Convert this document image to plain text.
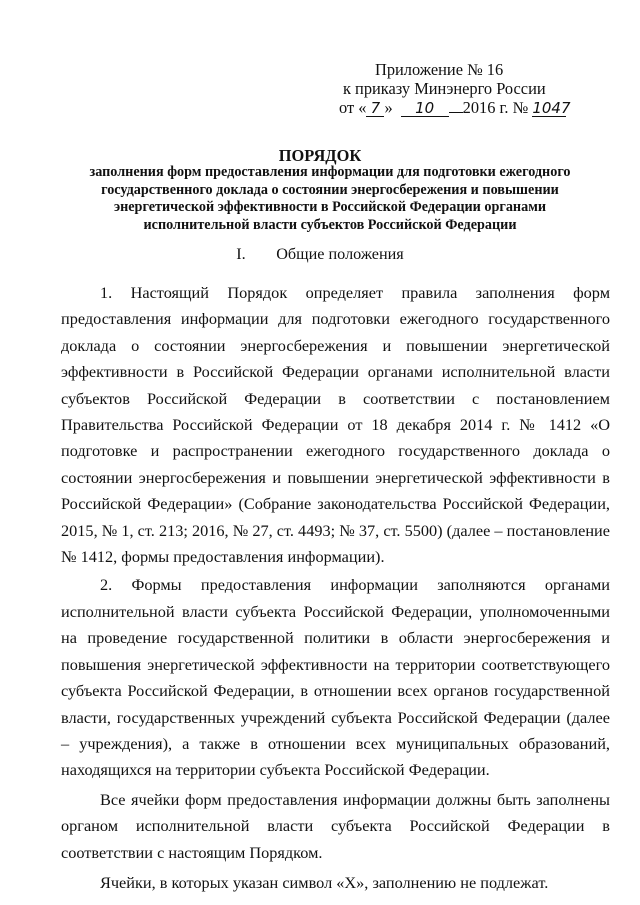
Приложение № 16
к приказу Минэнерго России
от « 7 » 10 2016 г. № 1047
ПОРЯДОК
заполнения форм предоставления информации для подготовки ежегодного государственного доклада о состоянии энергосбережения и повышении энергетической эффективности в Российской Федерации органами исполнительной власти субъектов Российской Федерации
I. Общие положения

1. Настоящий Порядок определяет правила заполнения форм предоставления информации для подготовки ежегодного государственного доклада о состоянии энергосбережения и повышении энергетической эффективности в Российской Федерации органами исполнительной власти субъектов Российской Федерации в соответствии с постановлением Правительства Российской Федерации от 18 декабря 2014 г. № 1412 «О подготовке и распространении ежегодного государственного доклада о состоянии энергосбережения и повышении энергетической эффективности в Российской Федерации» (Собрание законодательства Российской Федерации, 2015, № 1, ст. 213; 2016, № 27, ст. 4493; № 37, ст. 5500) (далее – постановление № 1412, формы предоставления информации).

2. Формы предоставления информации заполняются органами исполнительной власти субъекта Российской Федерации, уполномоченными на проведение государственной политики в области энергосбережения и повышения энергетической эффективности на территории соответствующего субъекта Российской Федерации, в отношении всех органов государственной власти, государственных учреждений субъекта Российской Федерации (далее – учреждения), а также в отношении всех муниципальных образований, находящихся на территории субъекта Российской Федерации.

Все ячейки форм предоставления информации должны быть заполнены органом исполнительной власти субъекта Российской Федерации в соответствии с настоящим Порядком.

Ячейки, в которых указан символ «Х», заполнению не подлежат.
